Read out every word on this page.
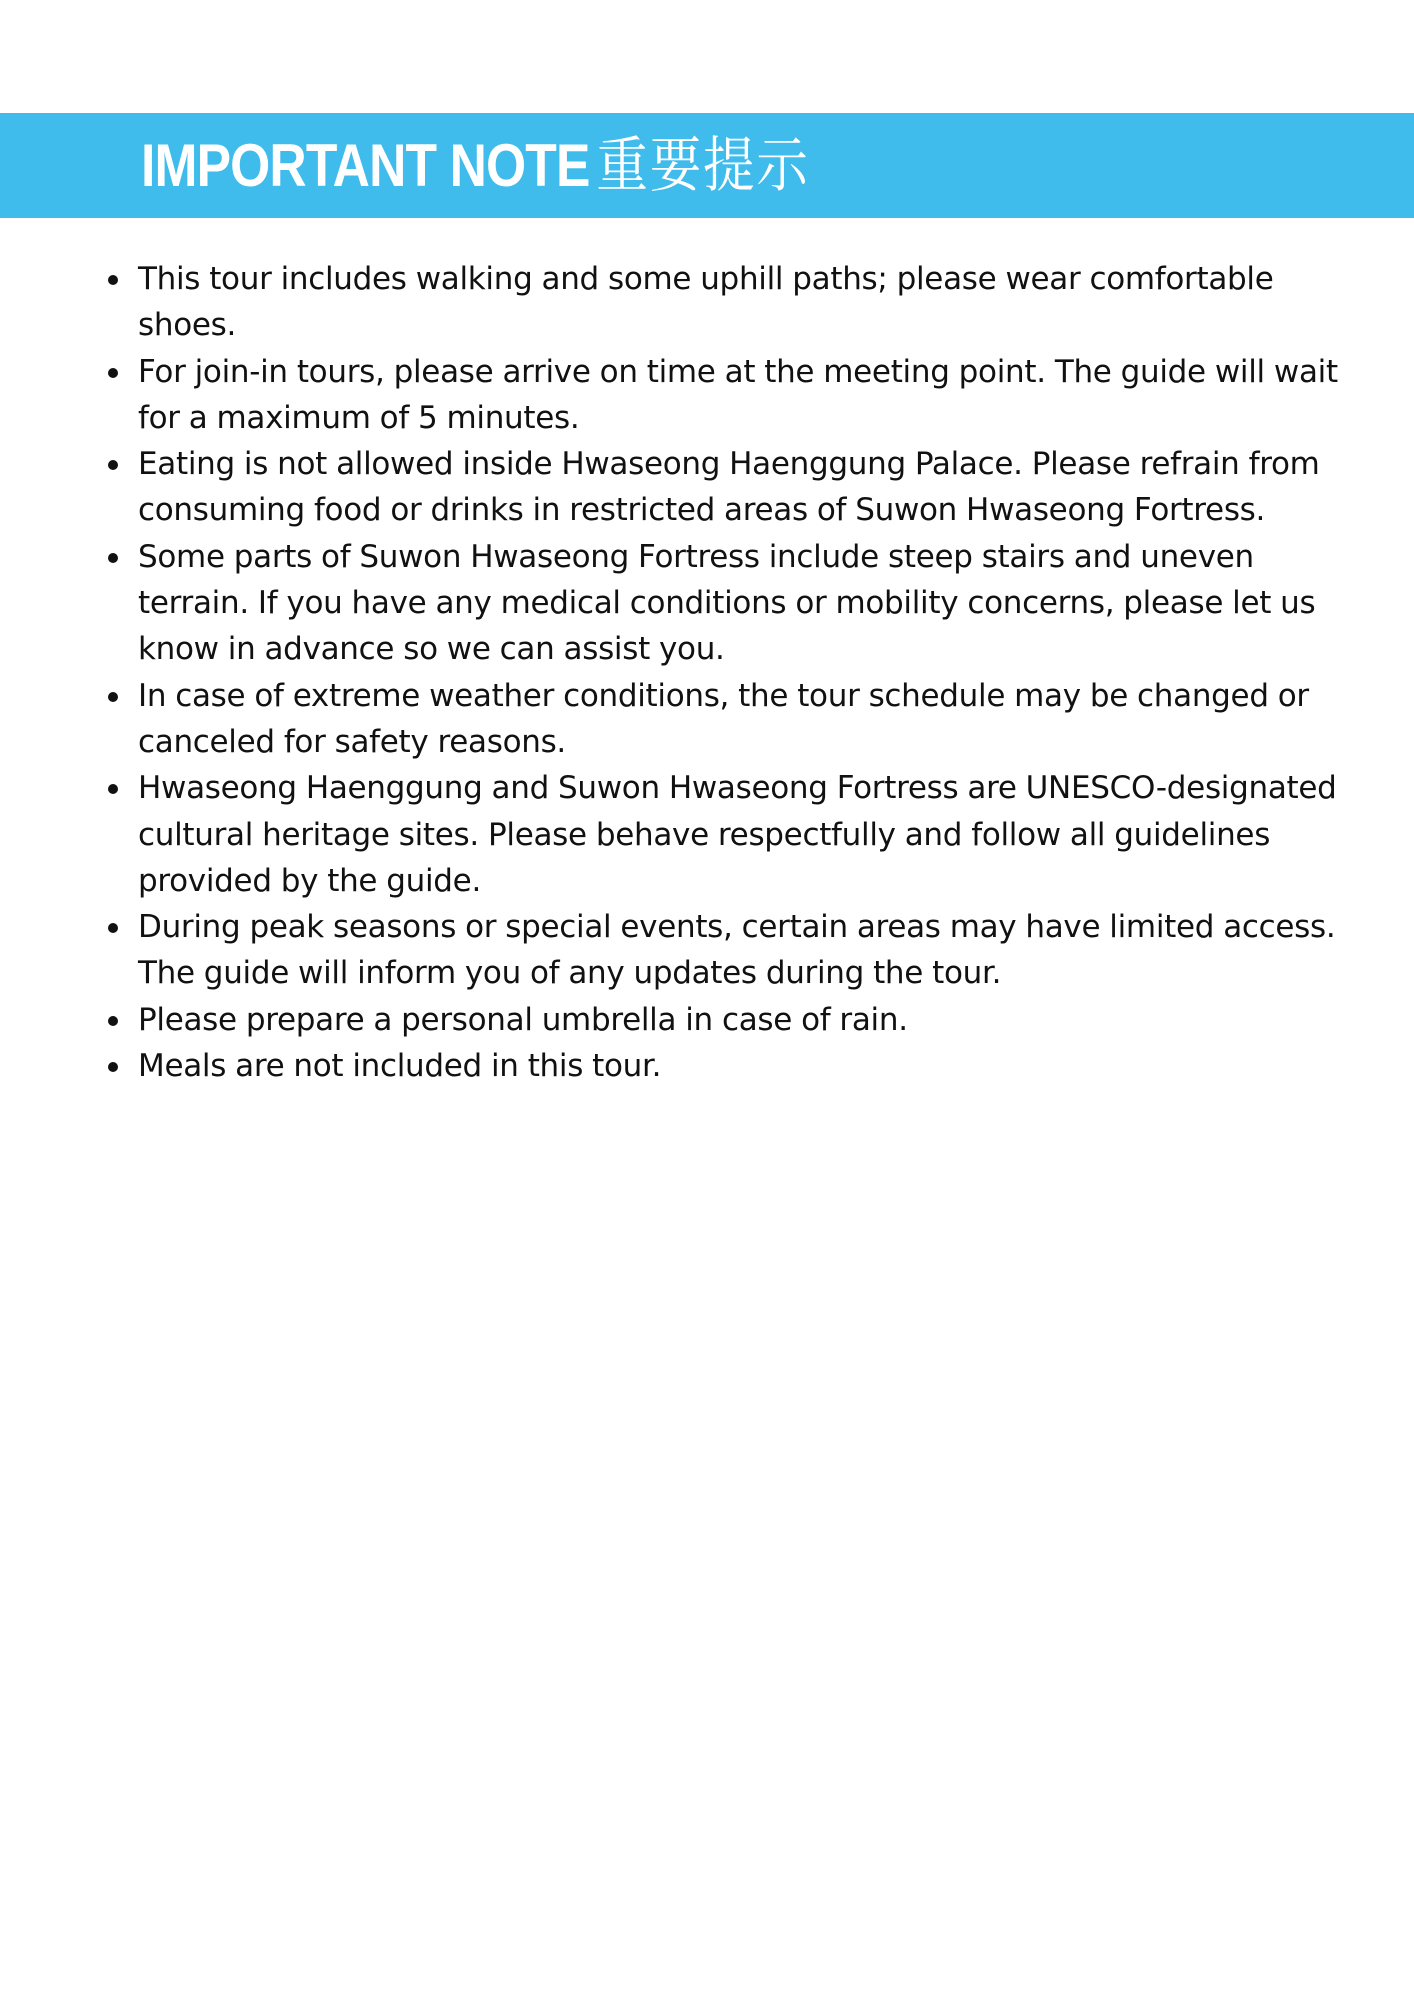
IMPORTANT NOTE 重要提示
This tour includes walking and some uphill paths; please wear comfortable shoes.
For join-in tours, please arrive on time at the meeting point. The guide will wait for a maximum of 5 minutes.
Eating is not allowed inside Hwaseong Haenggung Palace. Please refrain from consuming food or drinks in restricted areas of Suwon Hwaseong Fortress.
Some parts of Suwon Hwaseong Fortress include steep stairs and uneven terrain. If you have any medical conditions or mobility concerns, please let us know in advance so we can assist you.
In case of extreme weather conditions, the tour schedule may be changed or canceled for safety reasons.
Hwaseong Haenggung and Suwon Hwaseong Fortress are UNESCO-designated cultural heritage sites. Please behave respectfully and follow all guidelines provided by the guide.
During peak seasons or special events, certain areas may have limited access. The guide will inform you of any updates during the tour.
Please prepare a personal umbrella in case of rain.
Meals are not included in this tour.
